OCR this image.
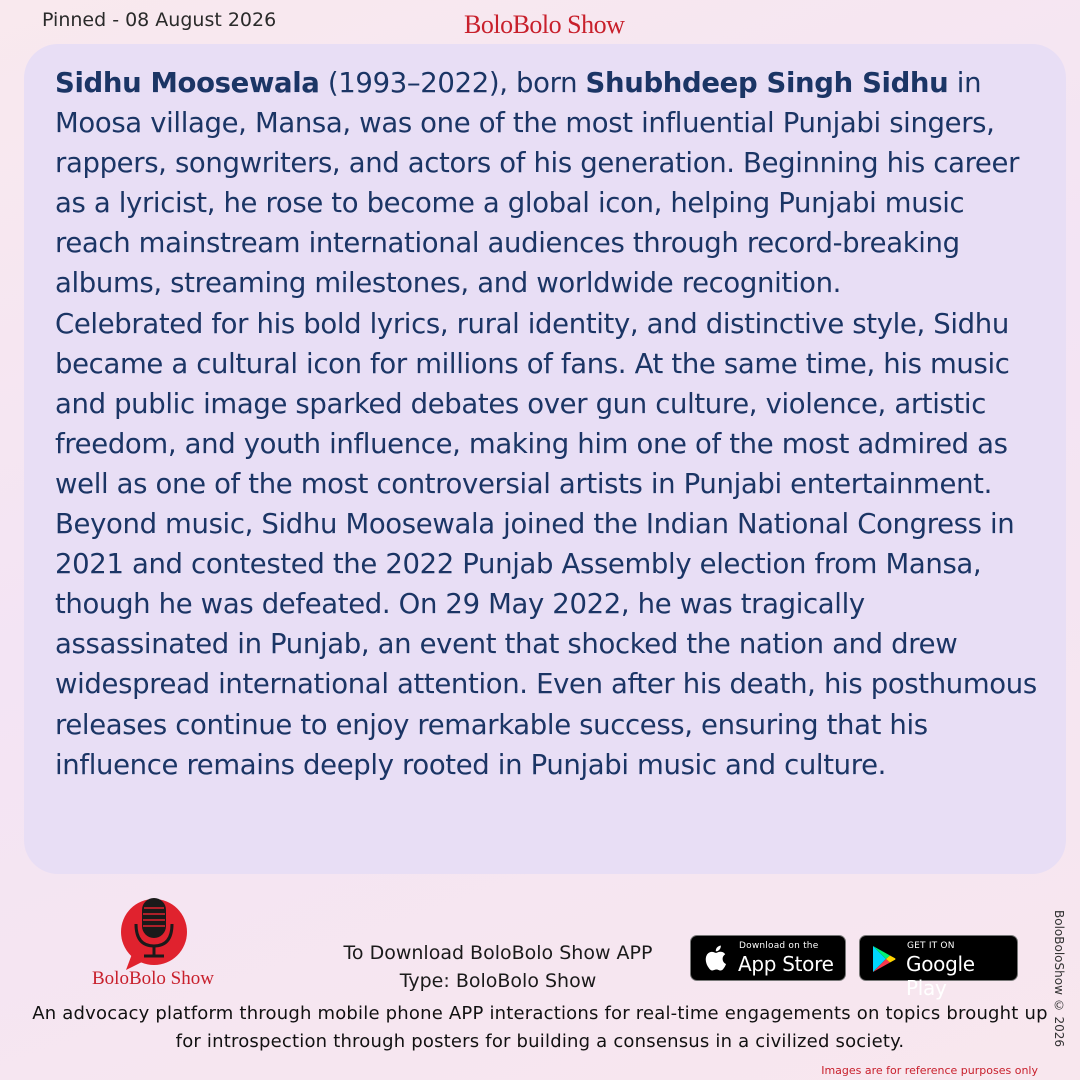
Pinned - 08 August 2026	BoloBolo Show

Sidhu Moosewala (1993–2022), born Shubhdeep Singh Sidhu in Moosa village, Mansa, was one of the most influential Punjabi singers, rappers, songwriters, and actors of his generation. Beginning his career as a lyricist, he rose to become a global icon, helping Punjabi music reach mainstream international audiences through record-breaking albums, streaming milestones, and worldwide recognition.

Celebrated for his bold lyrics, rural identity, and distinctive style, Sidhu became a cultural icon for millions of fans. At the same time, his music and public image sparked debates over gun culture, violence, artistic freedom, and youth influence, making him one of the most admired as well as one of the most controversial artists in Punjabi entertainment. Beyond music, Sidhu Moosewala joined the Indian National Congress in 2021 and contested the 2022 Punjab Assembly election from Mansa, though he was defeated. On 29 May 2022, he was tragically assassinated in Punjab, an event that shocked the nation and drew widespread international attention. Even after his death, his posthumous releases continue to enjoy remarkable success, ensuring that his influence remains deeply rooted in Punjabi music and culture.

BoloBolo Show
To Download BoloBolo Show APP
Type: BoloBolo Show
Download on the
App Store
GET IT ON
Google Play
An advocacy platform through mobile phone APP interactions for real-time engagements on topics brought up for introspection through posters for building a consensus in a civilized society.	BoloBoloShow © 2026
Images are for reference purposes only
